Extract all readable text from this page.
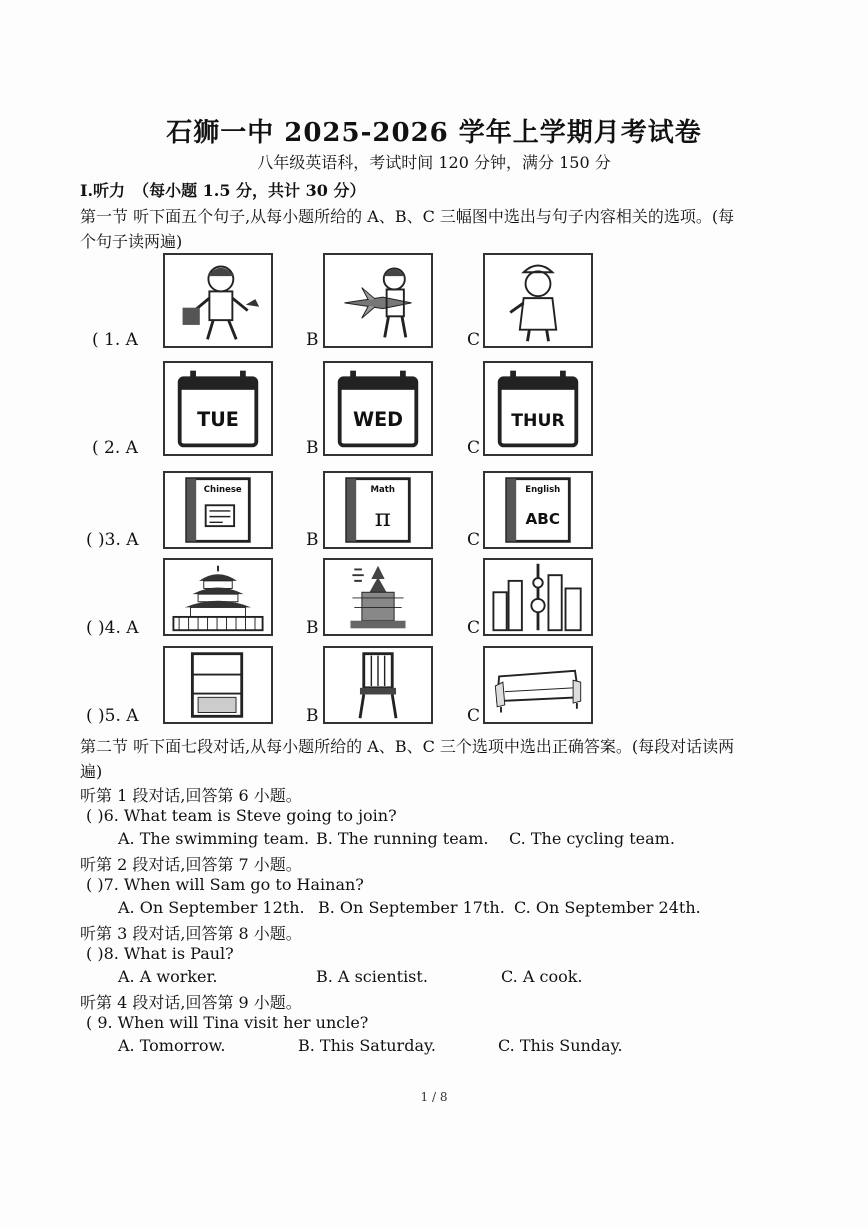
石狮一中 2025-2026 学年上学期月考试卷
八年级英语科，考试时间 120 分钟，满分 150 分
I.听力 （每小题 1.5 分，共计 30 分）
第一节 听下面五个句子,从每小题所给的 A、B、C 三幅图中选出与句子内容相关的选项。(每
个句子读两遍)
( 1. A	B	C
( 2. A	B	C
TUE	WED	THUR
( )3. A	B	C
Chinese	Math
π
English
ABC
( )4. A	B	C
( )5. A	B	C
第二节 听下面七段对话,从每小题所给的 A、B、C 三个选项中选出正确答案。(每段对话读两
遍)
听第 1 段对话,回答第 6 小题。
( )6. What team is Steve going to join?
A. The swimming team. B. The running team. C. The cycling team.
听第 2 段对话,回答第 7 小题。
( )7. When will Sam go to Hainan?
A. On September 12th. B. On September 17th. C. On September 24th.
听第 3 段对话,回答第 8 小题。
( )8. What is Paul?
A. A worker.	B. A scientist.	C. A cook.
听第 4 段对话,回答第 9 小题。
( 9. When will Tina visit her uncle?
A. Tomorrow.	B. This Saturday.	C. This Sunday.
1 / 8
